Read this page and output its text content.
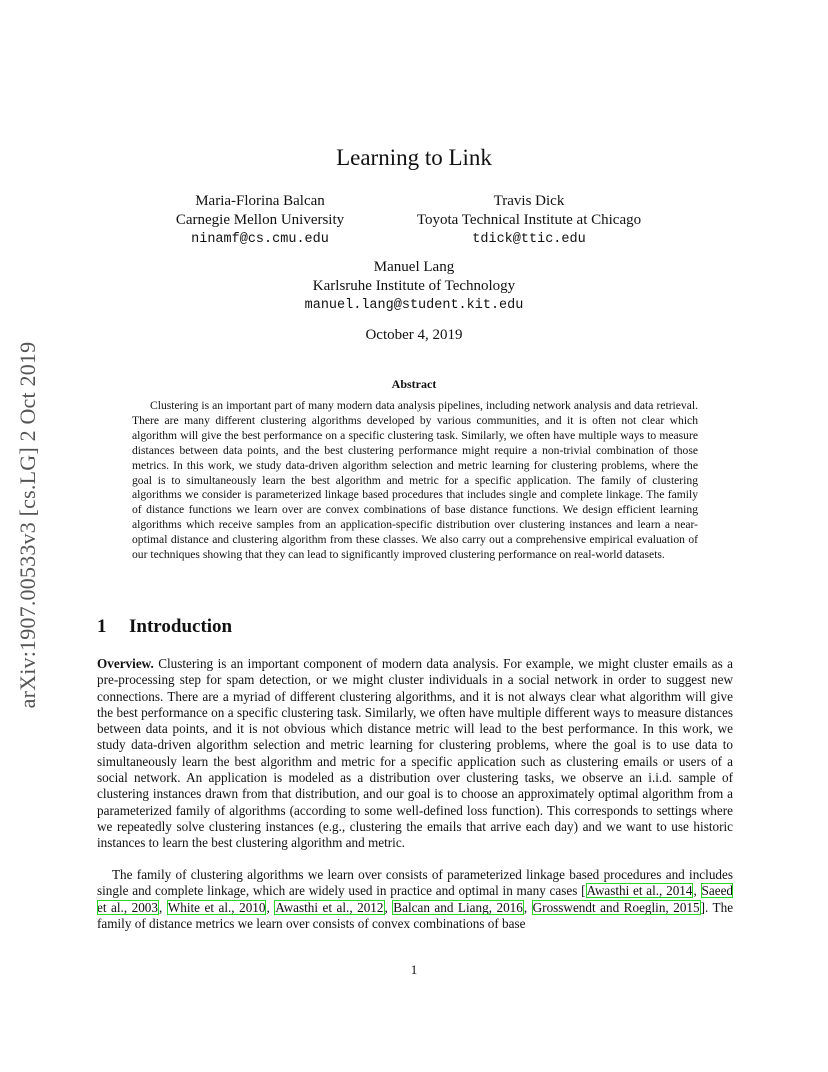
arXiv:1907.00533v3 [cs.LG] 2 Oct 2019
Learning to Link
Maria-Florina Balcan
Carnegie Mellon University
ninamf@cs.cmu.edu
Travis Dick
Toyota Technical Institute at Chicago
tdick@ttic.edu
Manuel Lang
Karlsruhe Institute of Technology
manuel.lang@student.kit.edu
October 4, 2019
Abstract

Clustering is an important part of many modern data analysis pipelines, including network analysis and data retrieval. There are many different clustering algorithms developed by various communities, and it is often not clear which algorithm will give the best performance on a specific clustering task. Similarly, we often have multiple ways to measure distances between data points, and the best clustering performance might require a non-trivial combination of those metrics. In this work, we study data-driven algorithm selection and metric learning for clustering problems, where the goal is to simultaneously learn the best algorithm and metric for a specific application. The family of clustering algorithms we consider is parameterized linkage based procedures that includes single and complete linkage. The family of distance functions we learn over are convex combinations of base distance functions. We design efficient learning algorithms which receive samples from an application-specific distribution over clustering instances and learn a near-optimal distance and clustering algorithm from these classes. We also carry out a comprehensive empirical evaluation of our techniques showing that they can lead to significantly improved clustering performance on real-world datasets.

1 Introduction

Overview. Clustering is an important component of modern data analysis. For example, we might cluster emails as a pre-processing step for spam detection, or we might cluster individuals in a social network in order to suggest new connections. There are a myriad of different clustering algorithms, and it is not always clear what algorithm will give the best performance on a specific clustering task. Similarly, we often have multiple different ways to measure distances between data points, and it is not obvious which distance metric will lead to the best performance. In this work, we study data-driven algorithm selection and metric learning for clustering problems, where the goal is to use data to simultaneously learn the best algorithm and metric for a specific application such as clustering emails or users of a social network. An application is modeled as a distribution over clustering tasks, we observe an i.i.d. sample of clustering instances drawn from that distribution, and our goal is to choose an approximately optimal algorithm from a parameterized family of algorithms (according to some well-defined loss function). This corresponds to settings where we repeatedly solve clustering instances (e.g., clustering the emails that arrive each day) and we want to use historic instances to learn the best clustering algorithm and metric.

The family of clustering algorithms we learn over consists of parameterized linkage based procedures and includes single and complete linkage, which are widely used in practice and optimal in many cases [Awasthi et al., 2014, Saeed et al., 2003, White et al., 2010, Awasthi et al., 2012, Balcan and Liang, 2016, Grosswendt and Roeglin, 2015]. The family of distance metrics we learn over consists of convex combinations of base

1
